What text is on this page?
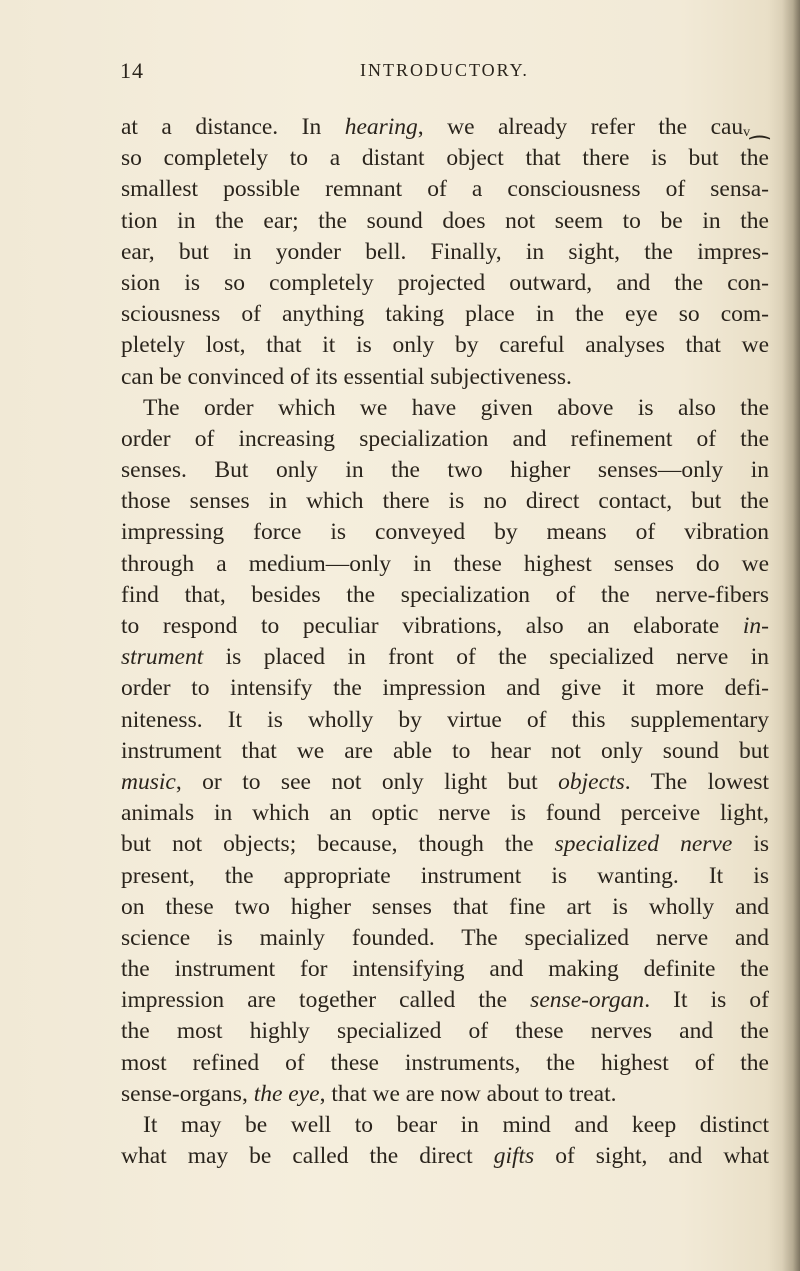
14	INTRODUCTORY.
at a distance. In hearing, we already refer the cauᵥ⁔
so completely to a distant object that there is but the
smallest possible remnant of a consciousness of sensa-
tion in the ear; the sound does not seem to be in the
ear, but in yonder bell. Finally, in sight, the impres-
sion is so completely projected outward, and the con-
sciousness of anything taking place in the eye so com-
pletely lost, that it is only by careful analyses that we
can be convinced of its essential subjectiveness.
The order which we have given above is also the
order of increasing specialization and refinement of the
senses. But only in the two higher senses—only in
those senses in which there is no direct contact, but the
impressing force is conveyed by means of vibration
through a medium—only in these highest senses do we
find that, besides the specialization of the nerve-fibers
to respond to peculiar vibrations, also an elaborate in-
strument is placed in front of the specialized nerve in
order to intensify the impression and give it more defi-
niteness. It is wholly by virtue of this supplementary
instrument that we are able to hear not only sound but
music, or to see not only light but objects. The lowest
animals in which an optic nerve is found perceive light,
but not objects; because, though the specialized nerve is
present, the appropriate instrument is wanting. It is
on these two higher senses that fine art is wholly and
science is mainly founded. The specialized nerve and
the instrument for intensifying and making definite the
impression are together called the sense-organ. It is of
the most highly specialized of these nerves and the
most refined of these instruments, the highest of the
sense-organs, the eye, that we are now about to treat.
It may be well to bear in mind and keep distinct
what may be called the direct gifts of sight, and what
